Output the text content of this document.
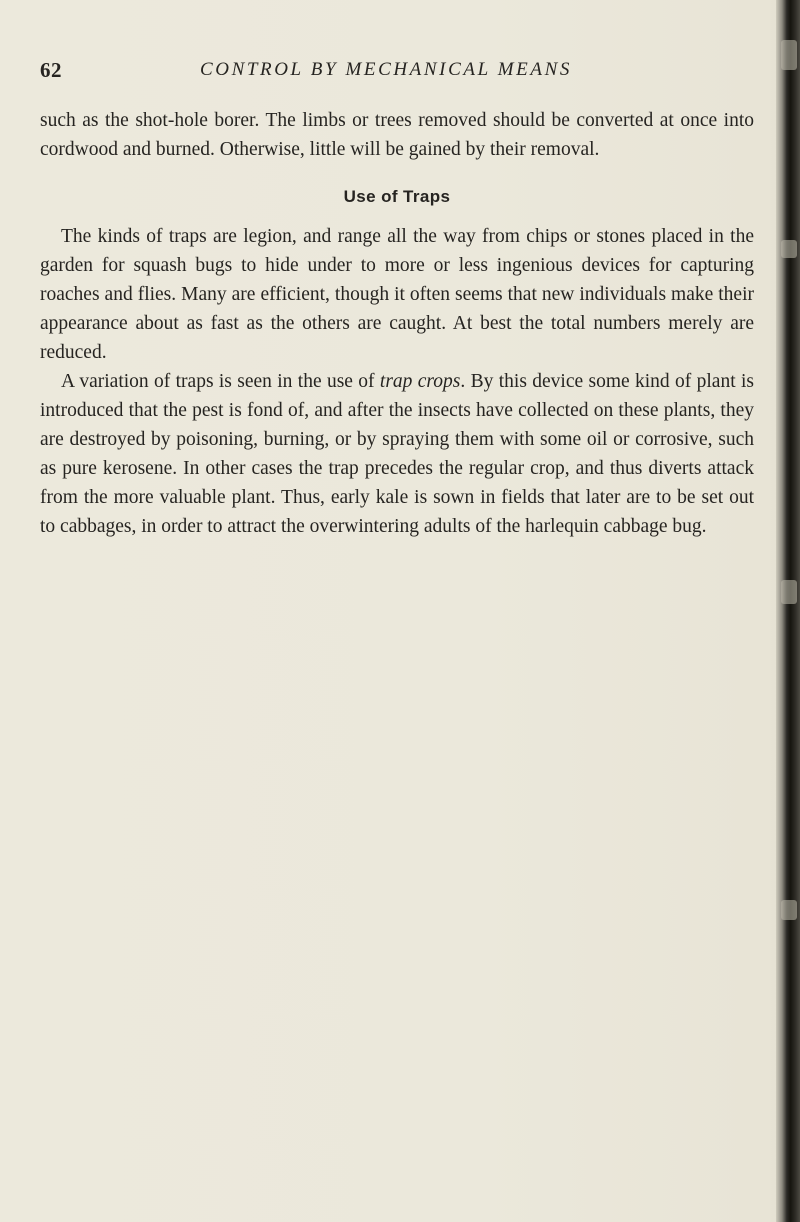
62	CONTROL BY MECHANICAL MEANS

such as the shot-hole borer. The limbs or trees removed should be converted at once into cordwood and burned. Otherwise, little will be gained by their removal.

Use of Traps

The kinds of traps are legion, and range all the way from chips or stones placed in the garden for squash bugs to hide under to more or less ingenious devices for capturing roaches and flies. Many are efficient, though it often seems that new individuals make their appearance about as fast as the others are caught. At best the total numbers merely are reduced.

A variation of traps is seen in the use of trap crops. By this device some kind of plant is introduced that the pest is fond of, and after the insects have collected on these plants, they are destroyed by poisoning, burning, or by spraying them with some oil or corrosive, such as pure kerosene. In other cases the trap precedes the regular crop, and thus diverts attack from the more valuable plant. Thus, early kale is sown in fields that later are to be set out to cabbages, in order to attract the overwintering adults of the harlequin cabbage bug.
